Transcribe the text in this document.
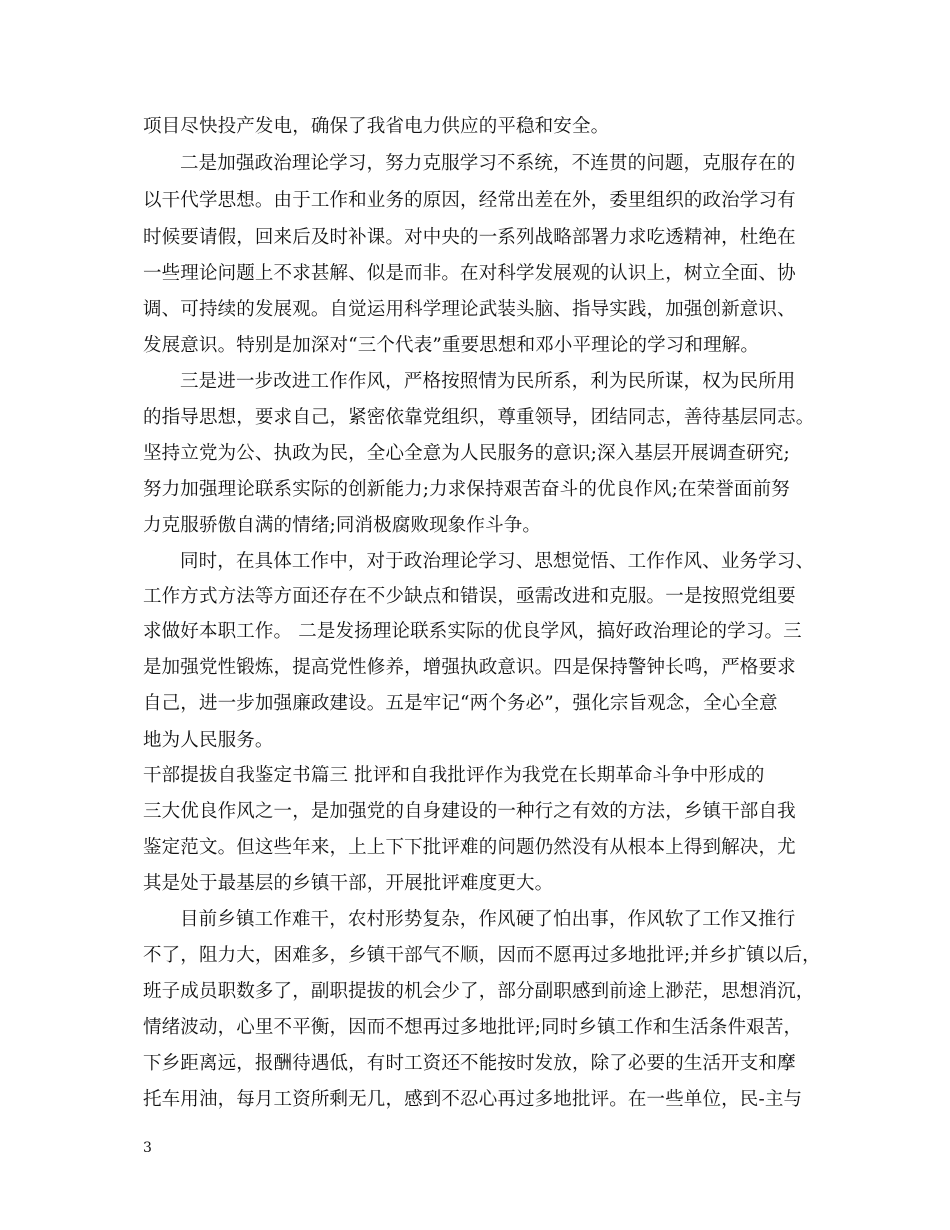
项目尽快投产发电，确保了我省电力供应的平稳和安全。
二是加强政治理论学习，努力克服学习不系统，不连贯的问题，克服存在的
以干代学思想。由于工作和业务的原因，经常出差在外，委里组织的政治学习有
时候要请假，回来后及时补课。对中央的一系列战略部署力求吃透精神，杜绝在
一些理论问题上不求甚解、似是而非。在对科学发展观的认识上，树立全面、协
调、可持续的发展观。自觉运用科学理论武装头脑、指导实践，加强创新意识、
发展意识。特别是加深对“三个代表”重要思想和邓小平理论的学习和理解。
三是进一步改进工作作风，严格按照情为民所系，利为民所谋，权为民所用
的指导思想，要求自己，紧密依靠党组织，尊重领导，团结同志，善待基层同志。
坚持立党为公、执政为民，全心全意为人民服务的意识;深入基层开展调查研究;
努力加强理论联系实际的创新能力;力求保持艰苦奋斗的优良作风;在荣誉面前努
力克服骄傲自满的情绪;同消极腐败现象作斗争。
同时，在具体工作中，对于政治理论学习、思想觉悟、工作作风、业务学习、
工作方式方法等方面还存在不少缺点和错误，亟需改进和克服。一是按照党组要
求做好本职工作。 二是发扬理论联系实际的优良学风，搞好政治理论的学习。三
是加强党性锻炼，提高党性修养，增强执政意识。四是保持警钟长鸣，严格要求
自己，进一步加强廉政建设。五是牢记“两个务必”，强化宗旨观念，全心全意
地为人民服务。
干部提拔自我鉴定书篇三 批评和自我批评作为我党在长期革命斗争中形成的
三大优良作风之一，是加强党的自身建设的一种行之有效的方法，乡镇干部自我
鉴定范文。但这些年来，上上下下批评难的问题仍然没有从根本上得到解决，尤
其是处于最基层的乡镇干部，开展批评难度更大。
目前乡镇工作难干，农村形势复杂，作风硬了怕出事，作风软了工作又推行
不了，阻力大，困难多，乡镇干部气不顺，因而不愿再过多地批评;并乡扩镇以后，
班子成员职数多了，副职提拔的机会少了，部分副职感到前途上渺茫，思想消沉，
情绪波动，心里不平衡，因而不想再过多地批评;同时乡镇工作和生活条件艰苦，
下乡距离远，报酬待遇低，有时工资还不能按时发放，除了必要的生活开支和摩
托车用油，每月工资所剩无几，感到不忍心再过多地批评。在一些单位，民-主与
3
